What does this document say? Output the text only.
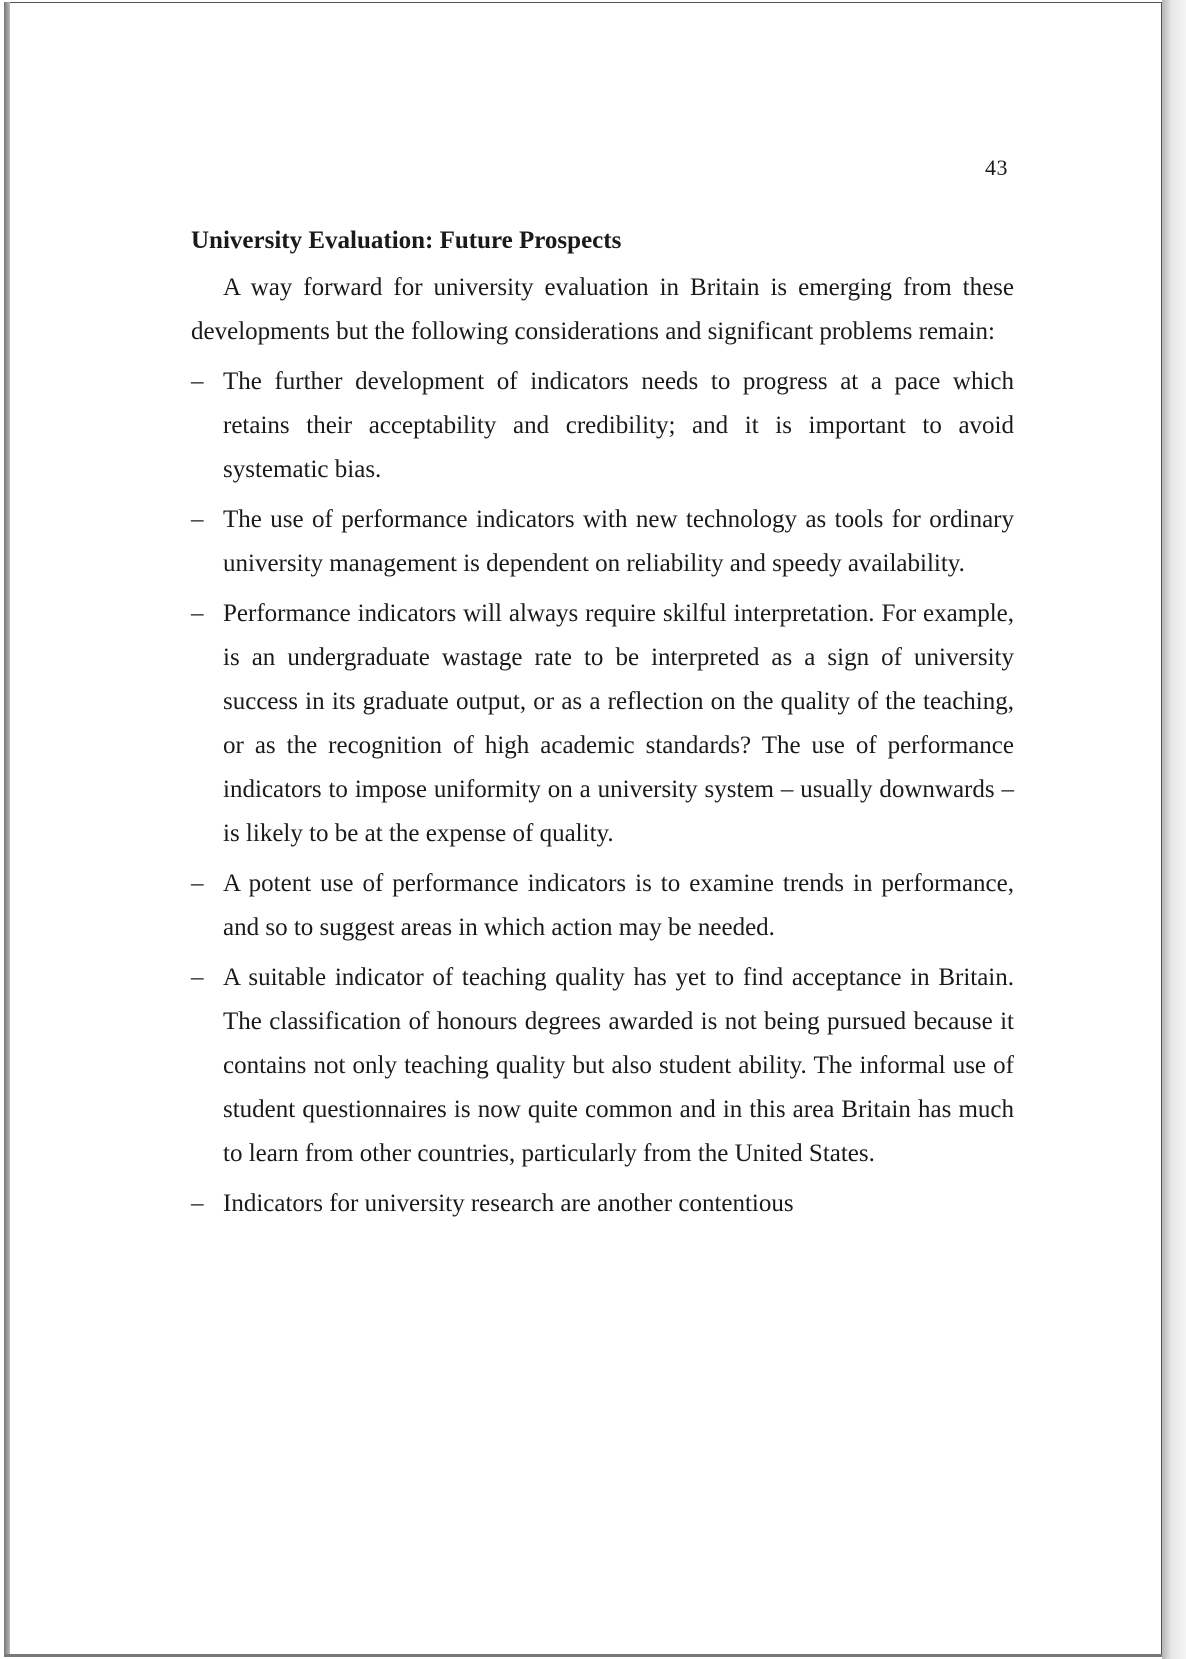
43
University Evaluation: Future Prospects

A way forward for university evaluation in Britain is emerging from these developments but the following considerations and significant problems remain:

– The further development of indicators needs to progress at a pace which retains their acceptability and credibility; and it is important to avoid systematic bias.
– The use of performance indicators with new technology as tools for ordinary university management is dependent on reliability and speedy availability.
– Performance indicators will always require skilful interpretation. For example, is an undergraduate wastage rate to be interpreted as a sign of university success in its graduate output, or as a reflection on the quality of the teaching, or as the recognition of high academic standards? The use of performance indicators to impose uniformity on a university system – usually downwards – is likely to be at the expense of quality.
– A potent use of performance indicators is to examine trends in performance, and so to suggest areas in which action may be needed.
– A suitable indicator of teaching quality has yet to find acceptance in Britain. The classification of honours degrees awarded is not being pursued because it contains not only teaching quality but also student ability. The informal use of student questionnaires is now quite common and in this area Britain has much to learn from other countries, particularly from the United States.
– Indicators for university research are another contentious
